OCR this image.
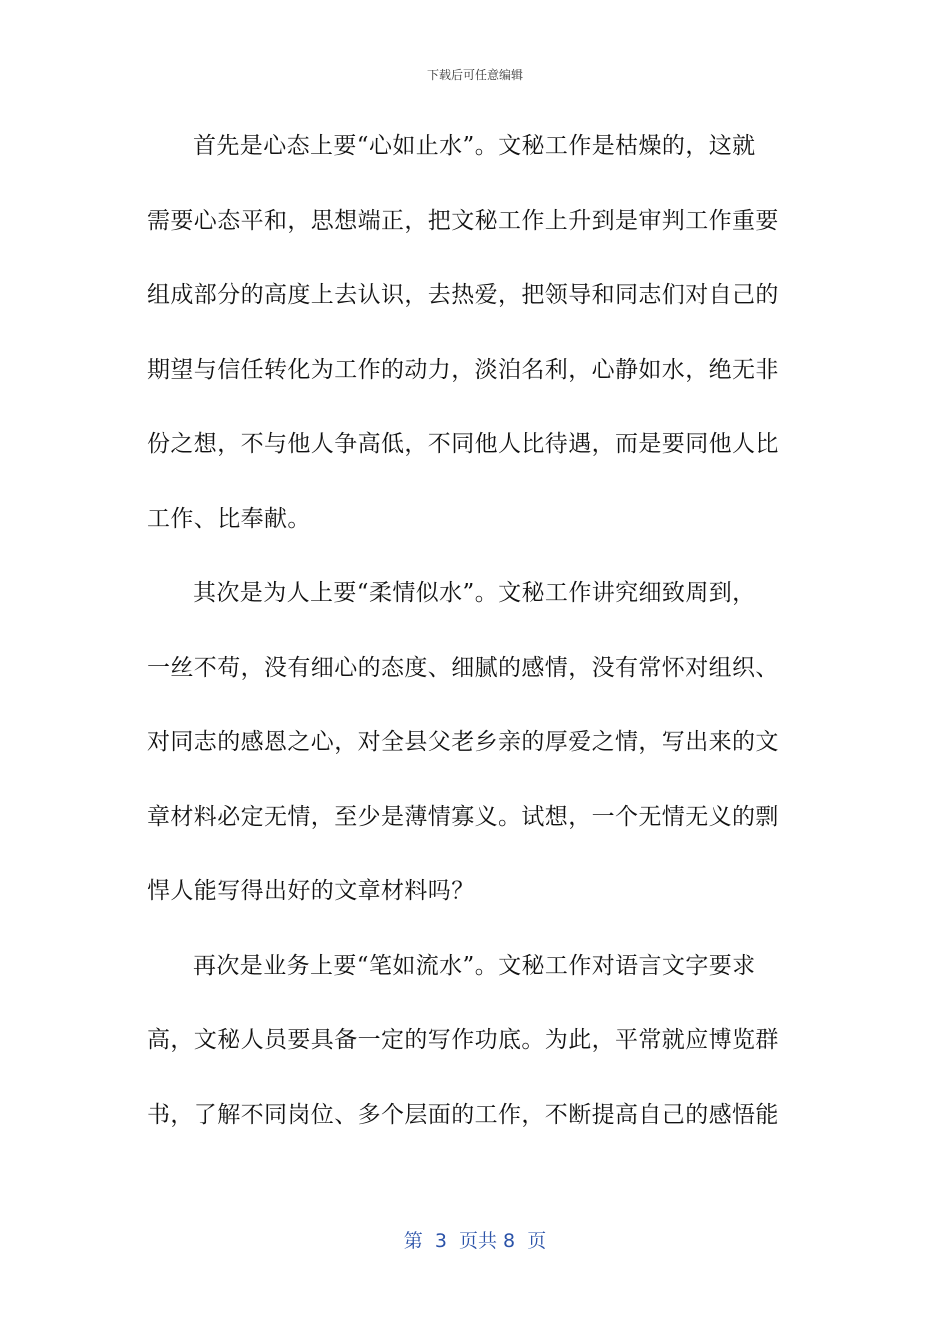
下载后可任意编辑
首先是心态上要“心如止水”。文秘工作是枯燥的，这就
需要心态平和，思想端正，把文秘工作上升到是审判工作重要
组成部分的高度上去认识，去热爱，把领导和同志们对自己的
期望与信任转化为工作的动力，淡泊名利，心静如水，绝无非
份之想，不与他人争高低，不同他人比待遇，而是要同他人比
工作、比奉献。
其次是为人上要“柔情似水”。文秘工作讲究细致周到，
一丝不苟，没有细心的态度、细腻的感情，没有常怀对组织、
对同志的感恩之心，对全县父老乡亲的厚爱之情，写出来的文
章材料必定无情，至少是薄情寡义。试想，一个无情无义的剽
悍人能写得出好的文章材料吗？
再次是业务上要“笔如流水”。文秘工作对语言文字要求
高，文秘人员要具备一定的写作功底。为此，平常就应博览群
书，了解不同岗位、多个层面的工作，不断提高自己的感悟能
第  3  页共 8  页
